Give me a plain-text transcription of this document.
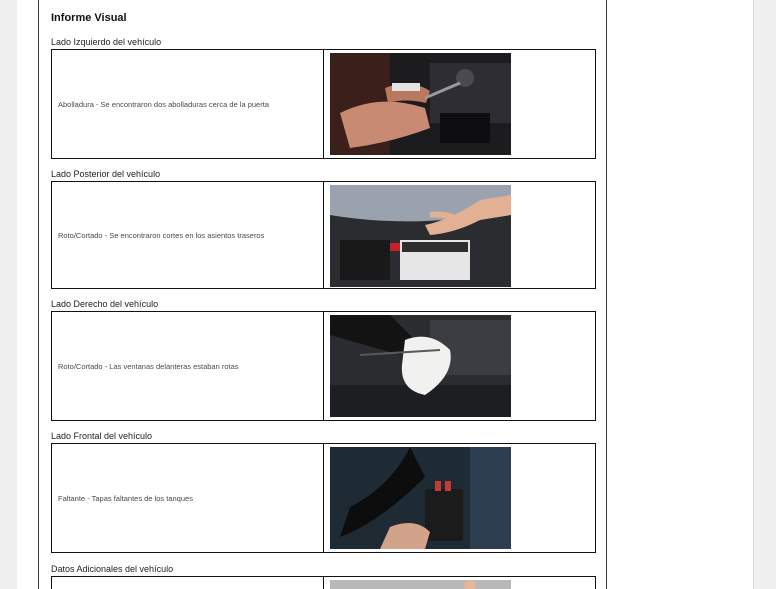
Informe Visual
Lado Izquierdo del vehículo
Abolladura - Se encontraron dos abolladuras cerca de la puerta
Lado Posterior del vehículo
Roto/Cortado - Se encontraron cortes en los asientos traseros
Lado Derecho del vehículo
Roto/Cortado - Las ventanas delanteras estaban rotas
Lado Frontal del vehículo
Faltante - Tapas faltantes de los tanques
Datos Adicionales del vehículo
